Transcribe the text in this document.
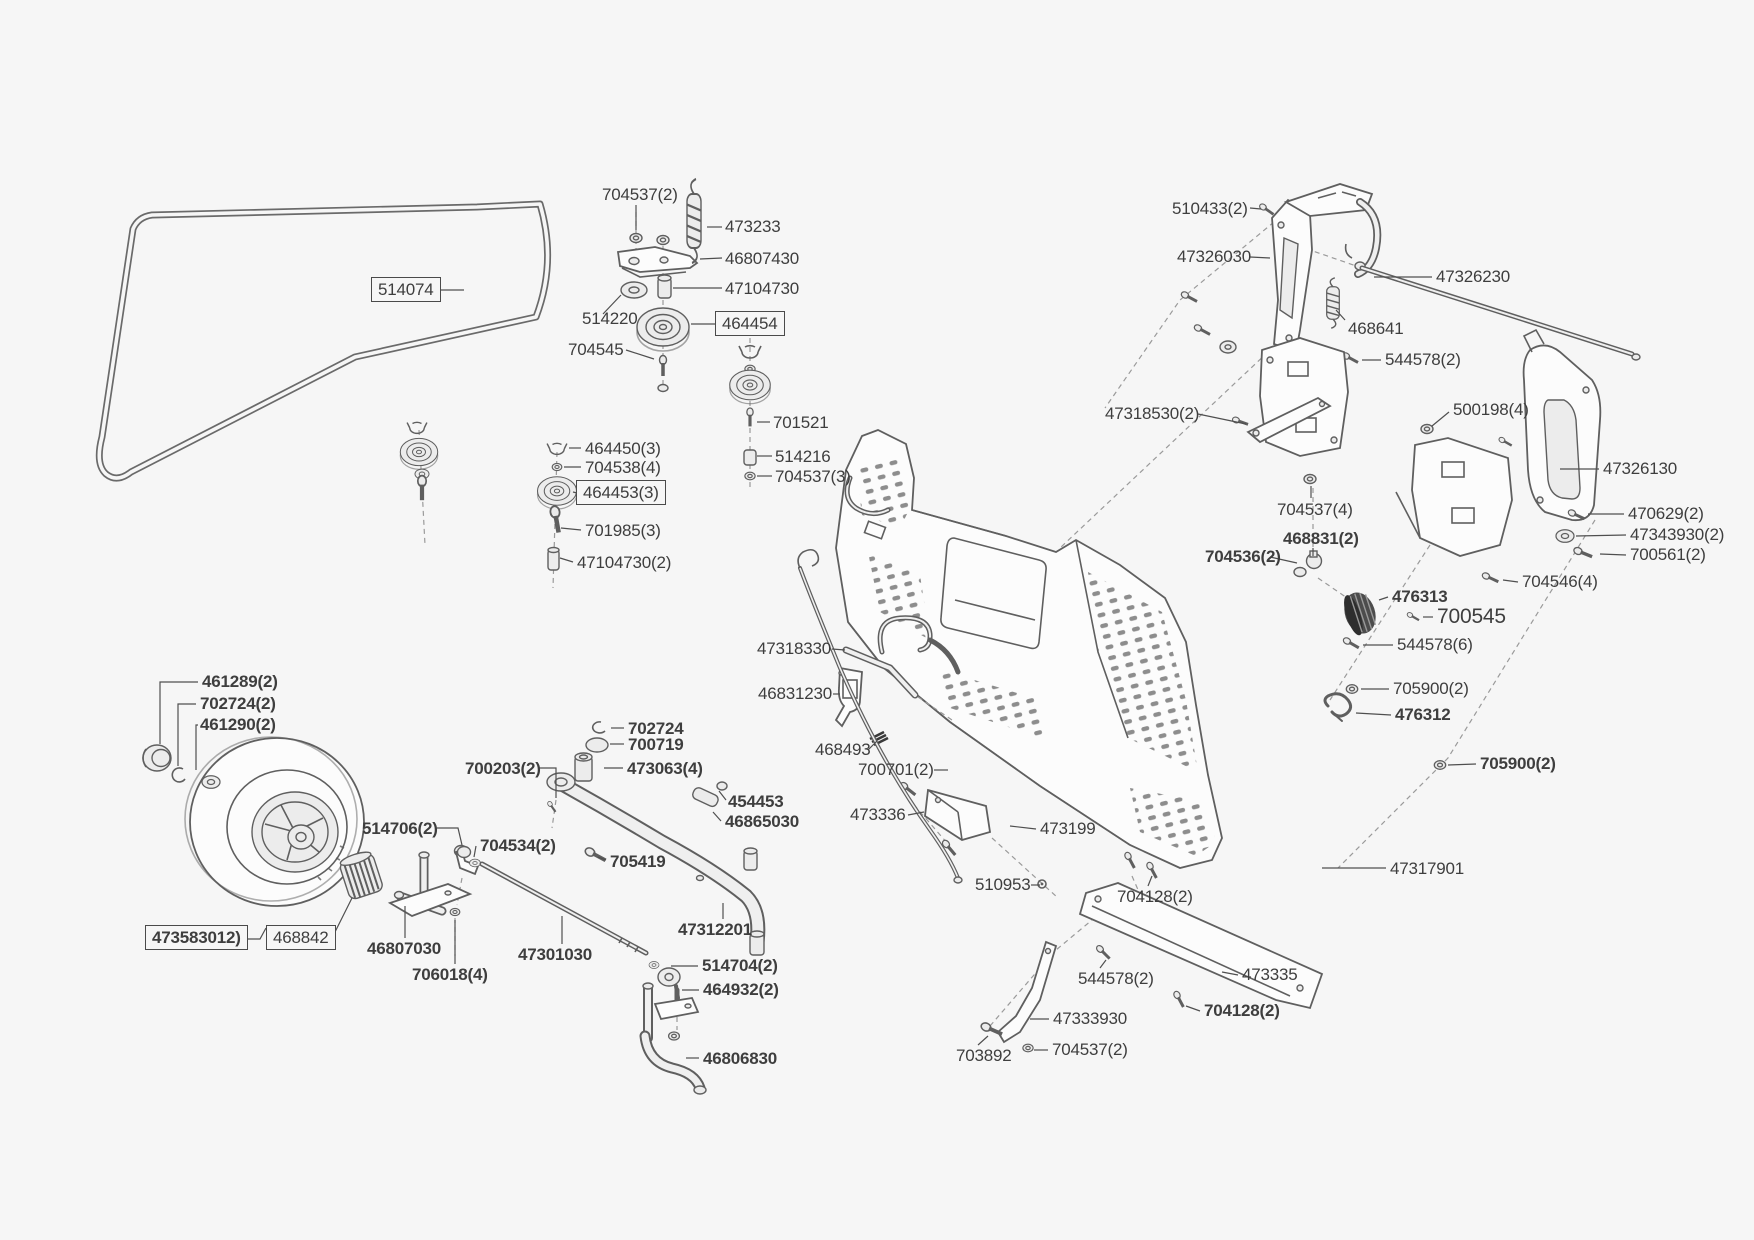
704537(2)
473233
46807430
47104730
514220	464454
704545
701521
514216
704537(3)
464450(3)
704538(4)
464453(3)
701985(3)
47104730(2)
514074
510433(2)
47326030
47326230
468641
544578(2)
47318530(2)	500198(4)
47326130
704537(4)	470629(2)
47343930(2)
700561(2)
468831(2)
704536(2)
704546(4)
476313
700545
544578(6)
705900(2)
476312
705900(2)
47318330
46831230
468493
700701(2)
473336
473199
510953
704128(2)
47317901
544578(2)	473335
704128(2)
47333930
704537(2)
703892
461289(2)
702724(2)
461290(2)
514706(2)
473583012)	468842
46807030
706018(4)
700203(2)
702724
700719
473063(4)
454453
46865030
705419
704534(2)
47312201
47301030
514704(2)
464932(2)
46806830
